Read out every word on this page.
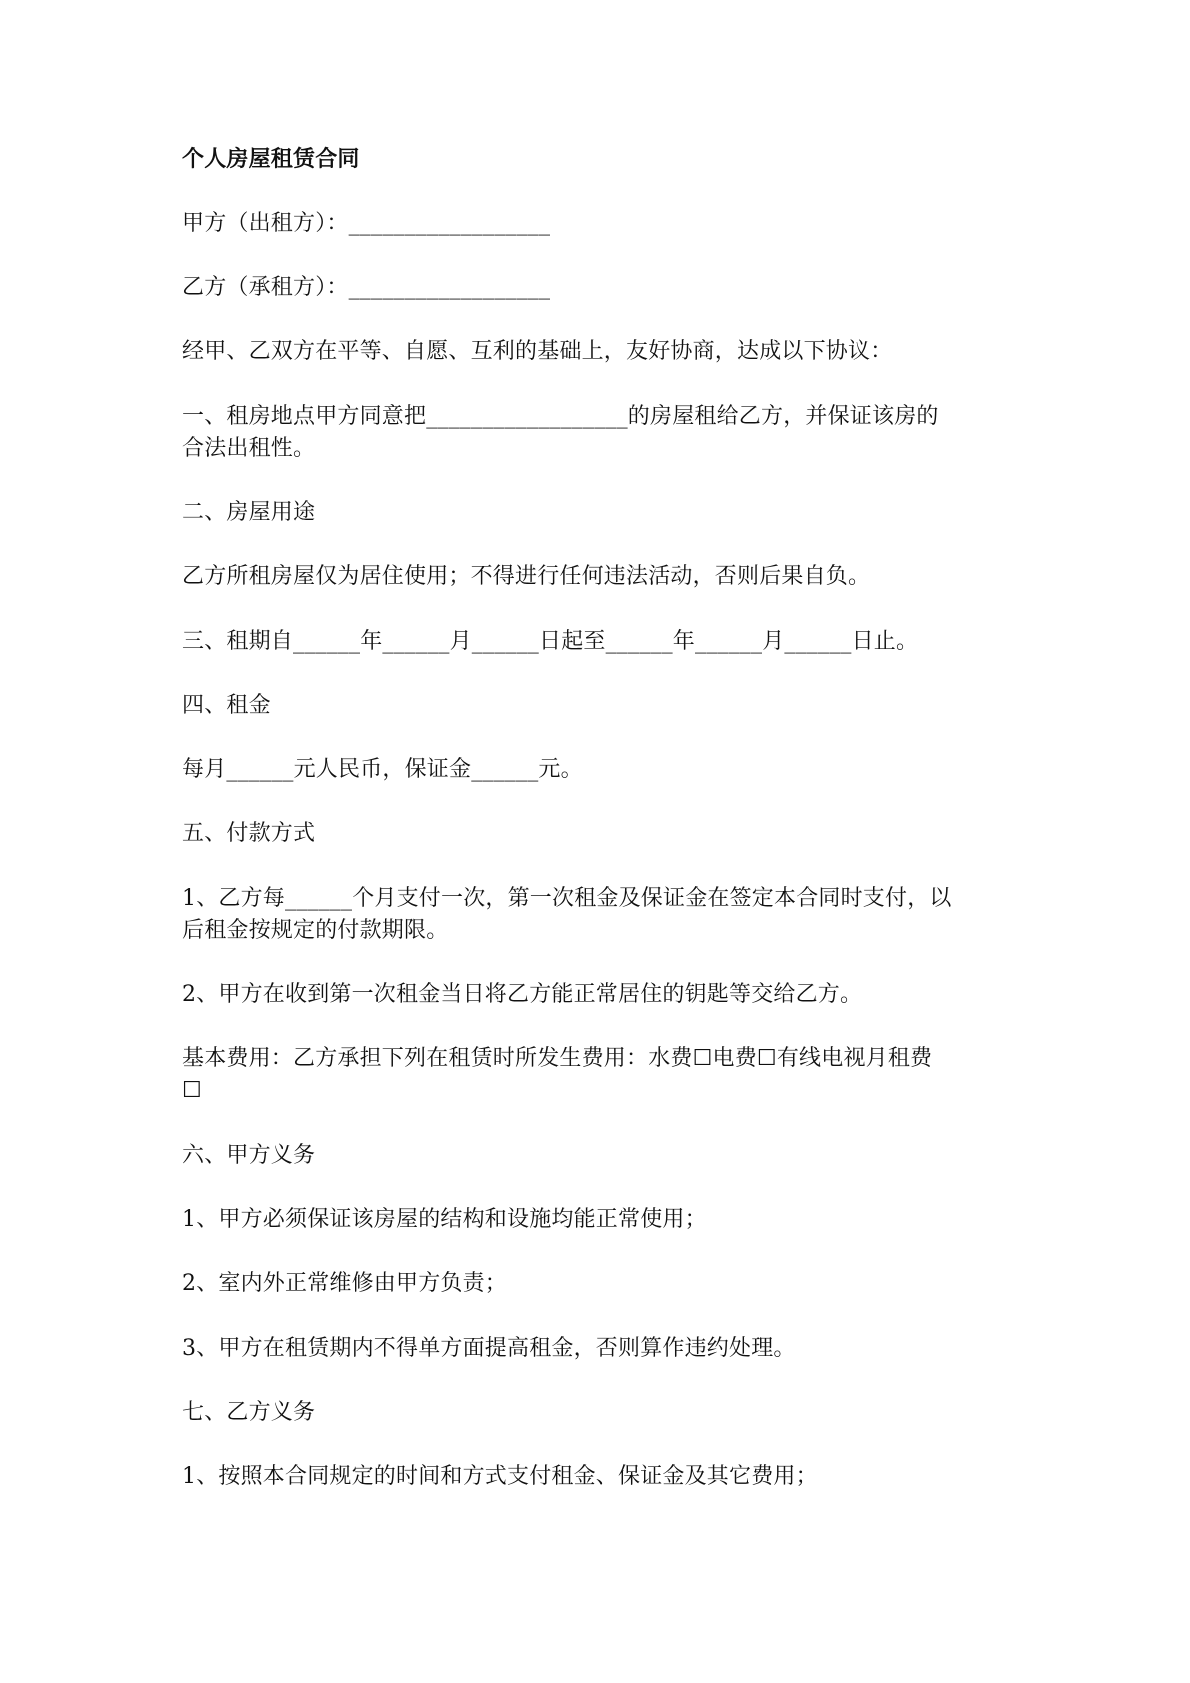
个人房屋租赁合同
甲方（出租方）：__________________
乙方（承租方）：__________________
经甲、乙双方在平等、自愿、互利的基础上，友好协商，达成以下协议：
一、租房地点甲方同意把__________________的房屋租给乙方，并保证该房的
合法出租性。
二、房屋用途
乙方所租房屋仅为居住使用；不得进行任何违法活动，否则后果自负。
三、租期自______年______月______日起至______年______月______日止。
四、租金
每月______元人民币，保证金______元。
五、付款方式
1、乙方每______个月支付一次，第一次租金及保证金在签定本合同时支付，以
后租金按规定的付款期限。
2、甲方在收到第一次租金当日将乙方能正常居住的钥匙等交给乙方。
基本费用：乙方承担下列在租赁时所发生费用：水费☐电费☐有线电视月租费
☐
六、甲方义务
1、甲方必须保证该房屋的结构和设施均能正常使用；
2、室内外正常维修由甲方负责；
3、甲方在租赁期内不得单方面提高租金，否则算作违约处理。
七、乙方义务
1、按照本合同规定的时间和方式支付租金、保证金及其它费用；
